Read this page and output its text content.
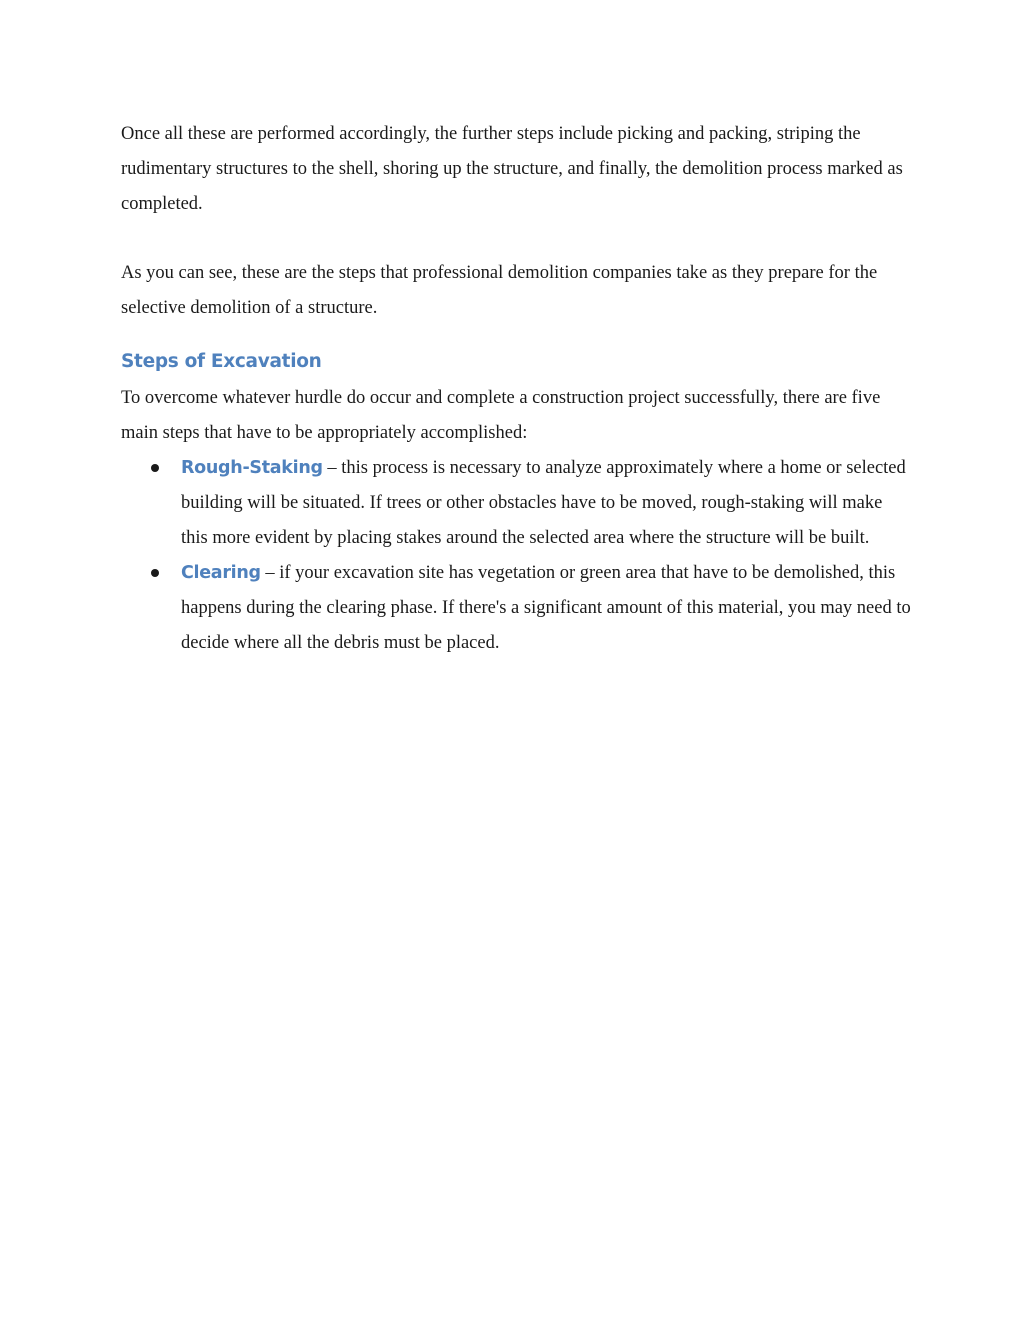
Once all these are performed accordingly, the further steps include picking and packing, striping the rudimentary structures to the shell, shoring up the structure, and finally, the demolition process marked as completed.

As you can see, these are the steps that professional demolition companies take as they prepare for the selective demolition of a structure.

Steps of Excavation

To overcome whatever hurdle do occur and complete a construction project successfully, there are five main steps that have to be appropriately accomplished:

Rough-Staking – this process is necessary to analyze approximately where a home or selected building will be situated. If trees or other obstacles have to be moved, rough-staking will make this more evident by placing stakes around the selected area where the structure will be built.
Clearing – if your excavation site has vegetation or green area that have to be demolished, this happens during the clearing phase. If there's a significant amount of this material, you may need to decide where all the debris must be placed.
